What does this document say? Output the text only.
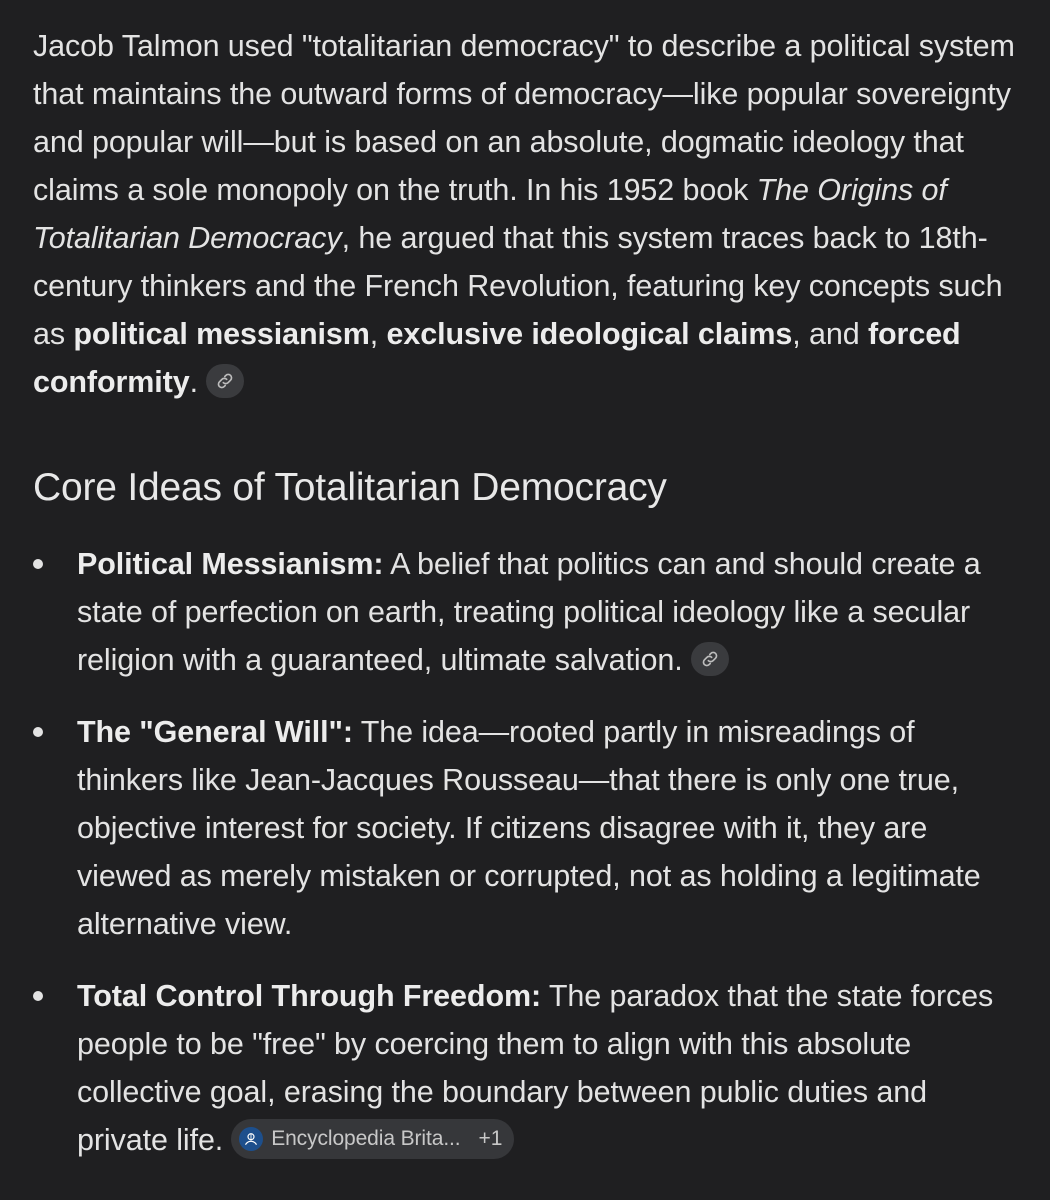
Jacob Talmon used "totalitarian democracy" to describe a political system that maintains the outward forms of democracy—like popular sovereignty and popular will—but is based on an absolute, dogmatic ideology that claims a sole monopoly on the truth. In his 1952 book The Origins of Totalitarian Democracy, he argued that this system traces back to 18th-century thinkers and the French Revolution, featuring key concepts such as political messianism, exclusive ideological claims, and forced conformity.

Core Ideas of Totalitarian Democracy
Political Messianism: A belief that politics can and should create a state of perfection on earth, treating political ideology like a secular religion with a guaranteed, ultimate salvation.
The "General Will": The idea—rooted partly in misreadings of thinkers like Jean-Jacques Rousseau—that there is only one true, objective interest for society. If citizens disagree with it, they are viewed as merely mistaken or corrupted, not as holding a legitimate alternative view.
Total Control Through Freedom: The paradox that the state forces people to be "free" by coercing them to align with this absolute collective goal, erasing the boundary between public duties and private life. Encyclopedia Brita... +1
